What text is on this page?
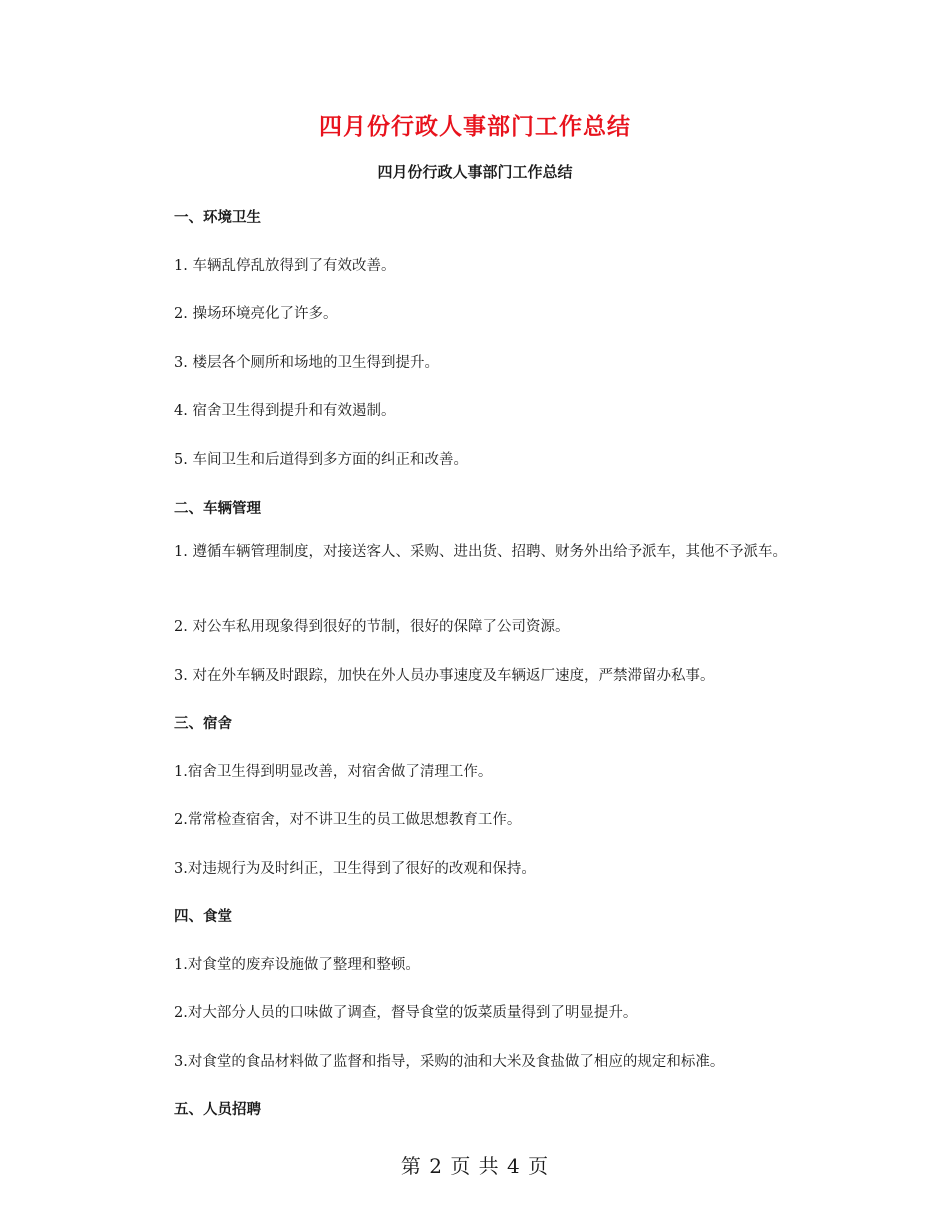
四月份行政人事部门工作总结
四月份行政人事部门工作总结
一、环境卫生
1. 车辆乱停乱放得到了有效改善。
2. 操场环境亮化了许多。
3. 楼层各个厕所和场地的卫生得到提升。
4. 宿舍卫生得到提升和有效遏制。
5. 车间卫生和后道得到多方面的纠正和改善。
二、车辆管理
1. 遵循车辆管理制度，对接送客人、采购、进出货、招聘、财务外出给予派车，其他不予派车。
2. 对公车私用现象得到很好的节制，很好的保障了公司资源。
3. 对在外车辆及时跟踪，加快在外人员办事速度及车辆返厂速度，严禁滞留办私事。
三、宿舍
1.宿舍卫生得到明显改善，对宿舍做了清理工作。
2.常常检查宿舍，对不讲卫生的员工做思想教育工作。
3.对违规行为及时纠正，卫生得到了很好的改观和保持。
四、食堂
1.对食堂的废弃设施做了整理和整顿。
2.对大部分人员的口味做了调查，督导食堂的饭菜质量得到了明显提升。
3.对食堂的食品材料做了监督和指导，采购的油和大米及食盐做了相应的规定和标准。
五、人员招聘
第 2 页 共 4 页
